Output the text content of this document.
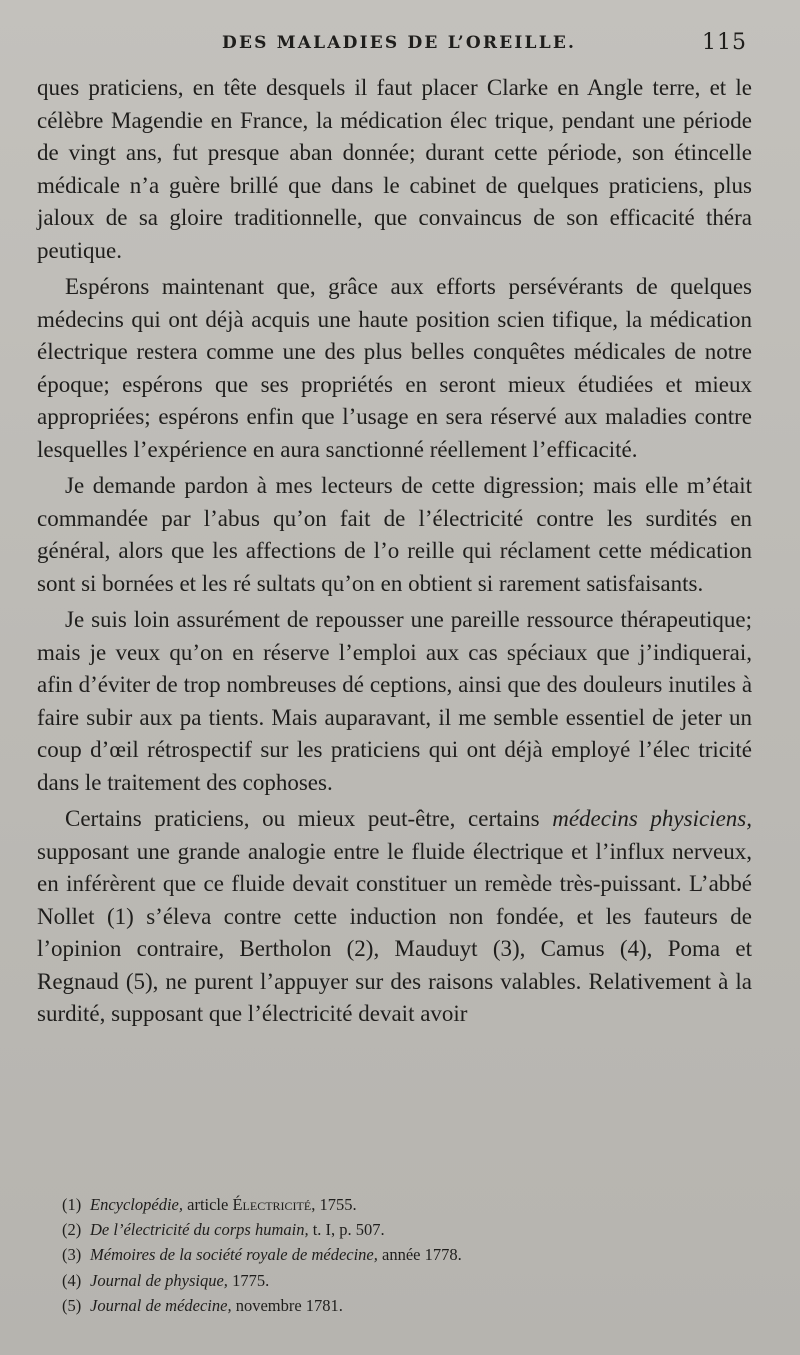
DES MALADIES DE L’OREILLE.	115

ques praticiens, en tête desquels il faut placer Clarke en Angle terre, et le célèbre Magendie en France, la médication élec trique, pendant une période de vingt ans, fut presque aban donnée; durant cette période, son étincelle médicale n’a guère brillé que dans le cabinet de quelques praticiens, plus jaloux de sa gloire traditionnelle, que convaincus de son efficacité théra peutique.

Espérons maintenant que, grâce aux efforts persévérants de quelques médecins qui ont déjà acquis une haute position scien tifique, la médication électrique restera comme une des plus belles conquêtes médicales de notre époque; espérons que ses propriétés en seront mieux étudiées et mieux appropriées; espérons enfin que l’usage en sera réservé aux maladies contre lesquelles l’expérience en aura sanctionné réellement l’efficacité.

Je demande pardon à mes lecteurs de cette digression; mais elle m’était commandée par l’abus qu’on fait de l’électricité contre les surdités en général, alors que les affections de l’o reille qui réclament cette médication sont si bornées et les ré sultats qu’on en obtient si rarement satisfaisants.

Je suis loin assurément de repousser une pareille ressource thérapeutique; mais je veux qu’on en réserve l’emploi aux cas spéciaux que j’indiquerai, afin d’éviter de trop nombreuses dé ceptions, ainsi que des douleurs inutiles à faire subir aux pa tients. Mais auparavant, il me semble essentiel de jeter un coup d’œil rétrospectif sur les praticiens qui ont déjà employé l’élec tricité dans le traitement des cophoses.

Certains praticiens, ou mieux peut-être, certains médecins physiciens, supposant une grande analogie entre le fluide électrique et l’influx nerveux, en inférèrent que ce fluide devait constituer un remède très-puissant. L’abbé Nollet (1) s’éleva contre cette induction non fondée, et les fauteurs de l’opinion contraire, Bertholon (2), Mauduyt (3), Camus (4), Poma et Regnaud (5), ne purent l’appuyer sur des raisons valables. Relativement à la surdité, supposant que l’électricité devait avoir

(1) Encyclopédie, article Électricité, 1755.
(2) De l’électricité du corps humain, t. I, p. 507.
(3) Mémoires de la société royale de médecine, année 1778.
(4) Journal de physique, 1775.
(5) Journal de médecine, novembre 1781.
